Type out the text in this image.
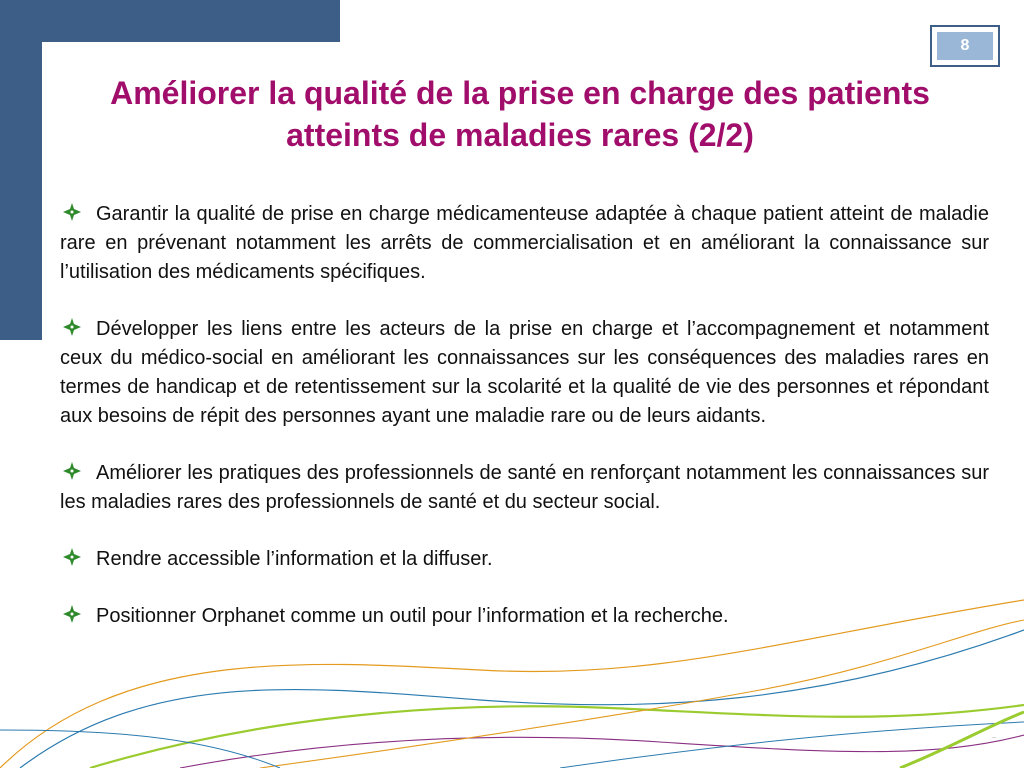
8
Améliorer la qualité de la prise en charge des patients atteints de maladies rares (2/2)

Garantir la qualité de prise en charge médicamenteuse adaptée à chaque patient atteint de maladie rare en prévenant notamment les arrêts de commercialisation et en améliorant la connaissance sur l’utilisation des médicaments spécifiques.

Développer les liens entre les acteurs de la prise en charge et l’accompagnement et notamment ceux du médico-social en améliorant les connaissances sur les conséquences des maladies rares en termes de handicap et de retentissement sur la scolarité et la qualité de vie des personnes et répondant aux besoins de répit des personnes ayant une maladie rare ou de leurs aidants.

Améliorer les pratiques des professionnels de santé en renforçant notamment les connaissances sur les maladies rares des professionnels de santé et du secteur social.

Rendre accessible l’information et la diffuser.

Positionner Orphanet comme un outil pour l’information et la recherche.

..
